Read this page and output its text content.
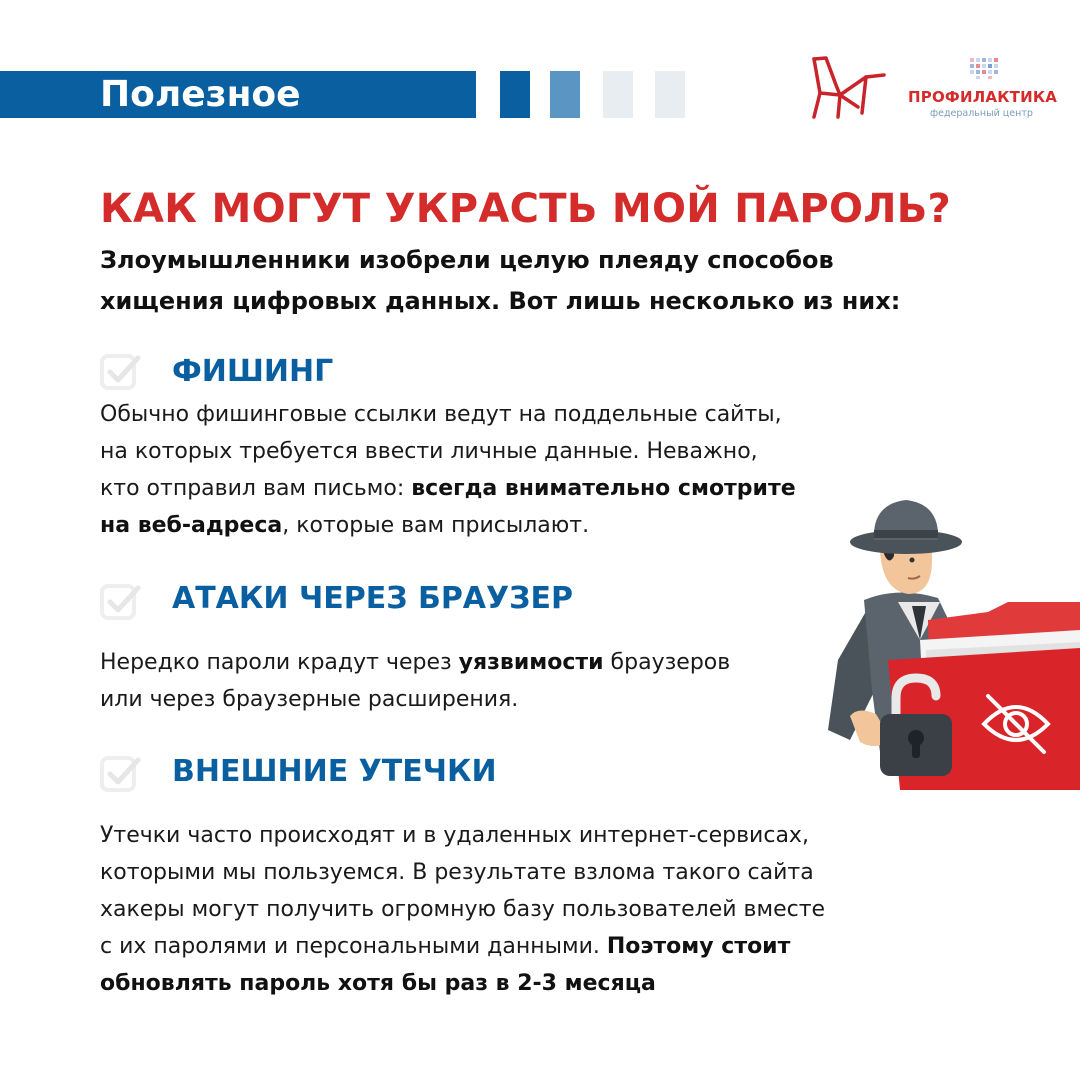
Полезное	ПРОФИЛАКТИКА
федеральный центр
КАК МОГУТ УКРАСТЬ МОЙ ПАРОЛЬ?
Злоумышленники изобрели целую плеяду способов
хищения цифровых данных. Вот лишь несколько из них:
ФИШИНГ
Обычно фишинговые ссылки ведут на поддельные сайты,
на которых требуется ввести личные данные. Неважно,
кто отправил вам письмо: всегда внимательно смотрите
на веб-адреса, которые вам присылают.
АТАКИ ЧЕРЕЗ БРАУЗЕР
Нередко пароли крадут через уязвимости браузеров
или через браузерные расширения.
ВНЕШНИЕ УТЕЧКИ
Утечки часто происходят и в удаленных интернет-сервисах,
которыми мы пользуемся. В результате взлома такого сайта
хакеры могут получить огромную базу пользователей вместе
с их паролями и персональными данными. Поэтому стоит
обновлять пароль хотя бы раз в 2-3 месяца
